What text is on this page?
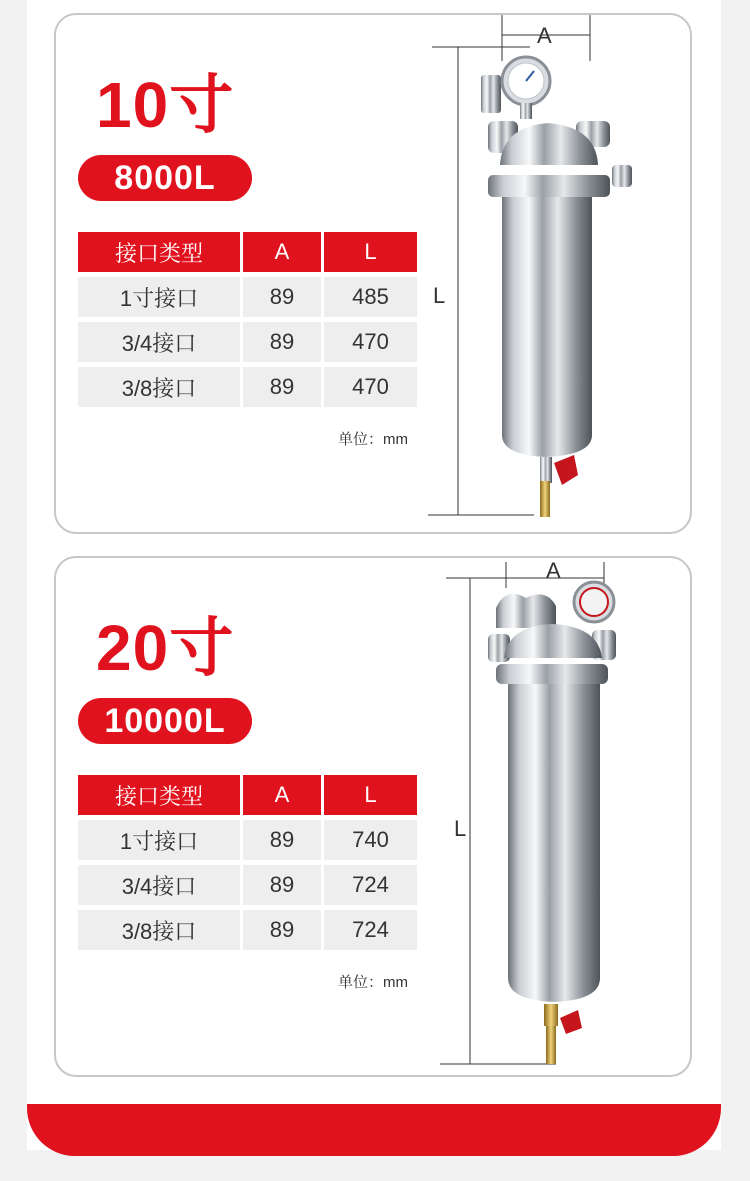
10寸
8000L
接口类型	A	L
1寸接口	89	485
3/4接口	89	470
3/8接口	89	470
单位：mm
A
L
20寸
10000L
接口类型	A	L
1寸接口	89	740
3/4接口	89	724
3/8接口	89	724
单位：mm
A
L
